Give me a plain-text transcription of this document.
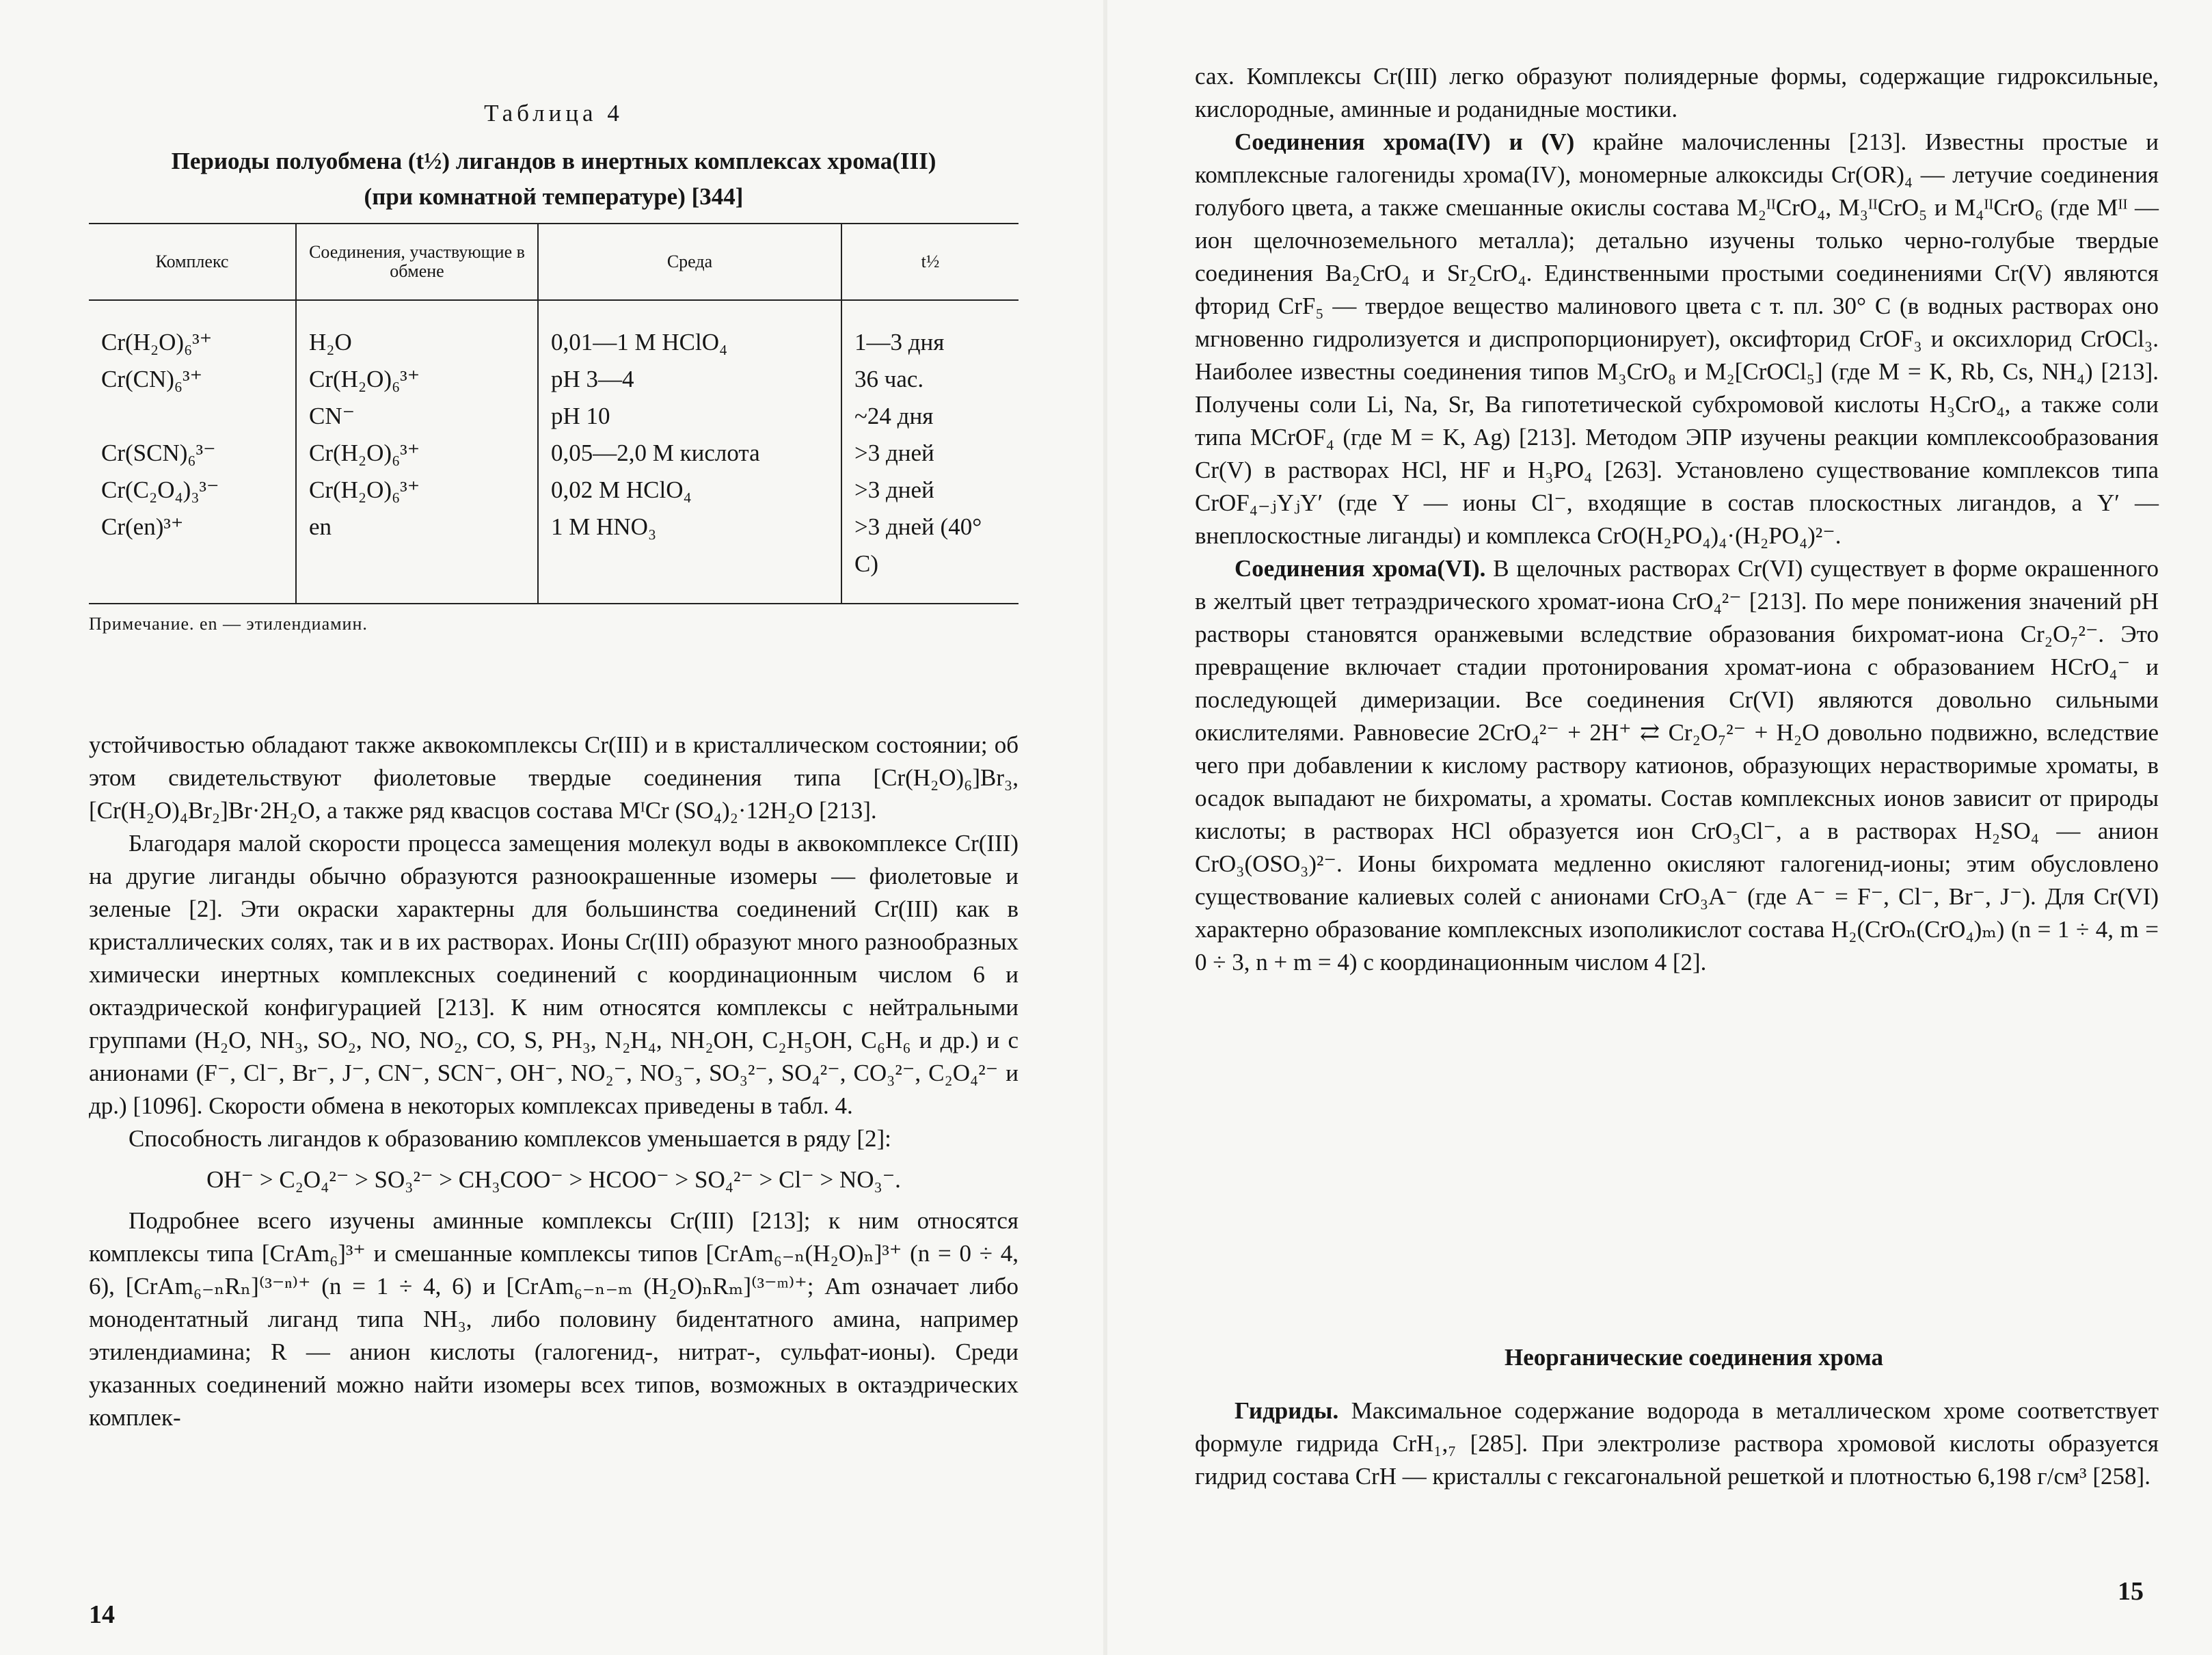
Таблица 4
Периоды полуобмена (t½) лигандов в инертных комплексах хрома(III)
(при комнатной температуре) [344]
Комплекс	Соединения, участвующие в обмене	Среда	t½
Cr(H₂O)₆³⁺	H₂O	0,01—1 M HClO₄	1—3 дня
Cr(CN)₆³⁺	Cr(H₂O)₆³⁺	pH 3—4	36 час.
	CN⁻	pH 10	~24 дня
Cr(SCN)₆³⁻	Cr(H₂O)₆³⁺	0,05—2,0 M кислота	>3 дней
Cr(C₂O₄)₃³⁻	Cr(H₂O)₆³⁺	0,02 M HClO₄	>3 дней
Cr(en)³⁺	en	1 M HNO₃	>3 дней (40° C)
Примечание. en — этилендиамин.

устойчивостью обладают также аквокомплексы Cr(III) и в кристаллическом состоянии; об этом свидетельствуют фиолетовые твердые соединения типа [Cr(H₂O)₆]Br₃, [Cr(H₂O)₄Br₂]Br·2H₂O, а также ряд квасцов состава MᴵCr (SO₄)₂·12H₂O [213].

Благодаря малой скорости процесса замещения молекул воды в аквокомплексе Cr(III) на другие лиганды обычно образуются разноокрашенные изомеры — фиолетовые и зеленые [2]. Эти окраски характерны для большинства соединений Cr(III) как в кристаллических солях, так и в их растворах. Ионы Cr(III) образуют много разнообразных химически инертных комплексных соединений с координационным числом 6 и октаэдрической конфигурацией [213]. К ним относятся комплексы с нейтральными группами (H₂O, NH₃, SO₂, NO, NO₂, CO, S, PH₃, N₂H₄, NH₂OH, C₂H₅OH, C₆H₆ и др.) и с анионами (F⁻, Cl⁻, Br⁻, J⁻, CN⁻, SCN⁻, OH⁻, NO₂⁻, NO₃⁻, SO₃²⁻, SO₄²⁻, CO₃²⁻, C₂O₄²⁻ и др.) [1096]. Скорости обмена в некоторых комплексах приведены в табл. 4.

Способность лигандов к образованию комплексов уменьшается в ряду [2]:

OH⁻ > C₂O₄²⁻ > SO₃²⁻ > CH₃COO⁻ > HCOO⁻ > SO₄²⁻ > Cl⁻ > NO₃⁻.

Подробнее всего изучены аминные комплексы Cr(III) [213]; к ним относятся комплексы типа [CrAm₆]³⁺ и смешанные комплексы типов [CrAm₆₋ₙ(H₂O)ₙ]³⁺ (n = 0 ÷ 4, 6), [CrAm₆₋ₙRₙ]⁽³⁻ⁿ⁾⁺ (n = 1 ÷ 4, 6) и [CrAm₆₋ₙ₋ₘ (H₂O)ₙRₘ]⁽³⁻ᵐ⁾⁺; Am означает либо монодентатный лиганд типа NH₃, либо половину бидентатного амина, например этилендиамина; R — анион кислоты (галогенид-, нитрат-, сульфат-ионы). Среди указанных соединений можно найти изомеры всех типов, возможных в октаэдрических комплек-

14

сах. Комплексы Cr(III) легко образуют полиядерные формы, содержащие гидроксильные, кислородные, аминные и роданидные мостики.

Соединения хрома(IV) и (V) крайне малочисленны [213]. Известны простые и комплексные галогениды хрома(IV), мономерные алкоксиды Cr(OR)₄ — летучие соединения голубого цвета, а также смешанные окислы состава M₂ᴵᴵCrO₄, M₃ᴵᴵCrO₅ и M₄ᴵᴵCrO₆ (где Mᴵᴵ — ион щелочноземельного металла); детально изучены только черно-голубые твердые соединения Ba₂CrO₄ и Sr₂CrO₄. Единственными простыми соединениями Cr(V) являются фторид CrF₅ — твердое вещество малинового цвета с т. пл. 30° C (в водных растворах оно мгновенно гидролизуется и диспропорционирует), оксифторид CrOF₃ и оксихлорид CrOCl₃. Наиболее известны соединения типов M₃CrO₈ и M₂[CrOCl₅] (где M = K, Rb, Cs, NH₄) [213]. Получены соли Li, Na, Sr, Ba гипотетической субхромовой кислоты H₃CrO₄, а также соли типа MCrOF₄ (где M = K, Ag) [213]. Методом ЭПР изучены реакции комплексообразования Cr(V) в растворах HCl, HF и H₃PO₄ [263]. Установлено существование комплексов типа CrOF₄₋ⱼYⱼY′ (где Y — ионы Cl⁻, входящие в состав плоскостных лигандов, а Y′ — внеплоскостные лиганды) и комплекса CrO(H₂PO₄)₄·(H₂PO₄)²⁻.

Соединения хрома(VI). В щелочных растворах Cr(VI) существует в форме окрашенного в желтый цвет тетраэдрического хромат-иона CrO₄²⁻ [213]. По мере понижения значений pH растворы становятся оранжевыми вследствие образования бихромат-иона Cr₂O₇²⁻. Это превращение включает стадии протонирования хромат-иона с образованием HCrO₄⁻ и последующей димеризации. Все соединения Cr(VI) являются довольно сильными окислителями. Равновесие 2CrO₄²⁻ + 2H⁺ ⇄ Cr₂O₇²⁻ + H₂O довольно подвижно, вследствие чего при добавлении к кислому раствору катионов, образующих нерастворимые хроматы, в осадок выпадают не бихроматы, а хроматы. Состав комплексных ионов зависит от природы кислоты; в растворах HCl образуется ион CrO₃Cl⁻, а в растворах H₂SO₄ — анион CrO₃(OSO₃)²⁻. Ионы бихромата медленно окисляют галогенид-ионы; этим обусловлено существование калиевых солей с анионами CrO₃A⁻ (где A⁻ = F⁻, Cl⁻, Br⁻, J⁻). Для Cr(VI) характерно образование комплексных изополикислот состава H₂(CrOₙ(CrO₄)ₘ) (n = 1 ÷ 4, m = 0 ÷ 3, n + m = 4) с координационным числом 4 [2].

Неорганические соединения хрома

Гидриды. Максимальное содержание водорода в металлическом хроме соответствует формуле гидрида CrH₁,₇ [285]. При электролизе раствора хромовой кислоты образуется гидрид состава CrH — кристаллы с гексагональной решеткой и плотностью 6,198 г/см³ [258].

15
